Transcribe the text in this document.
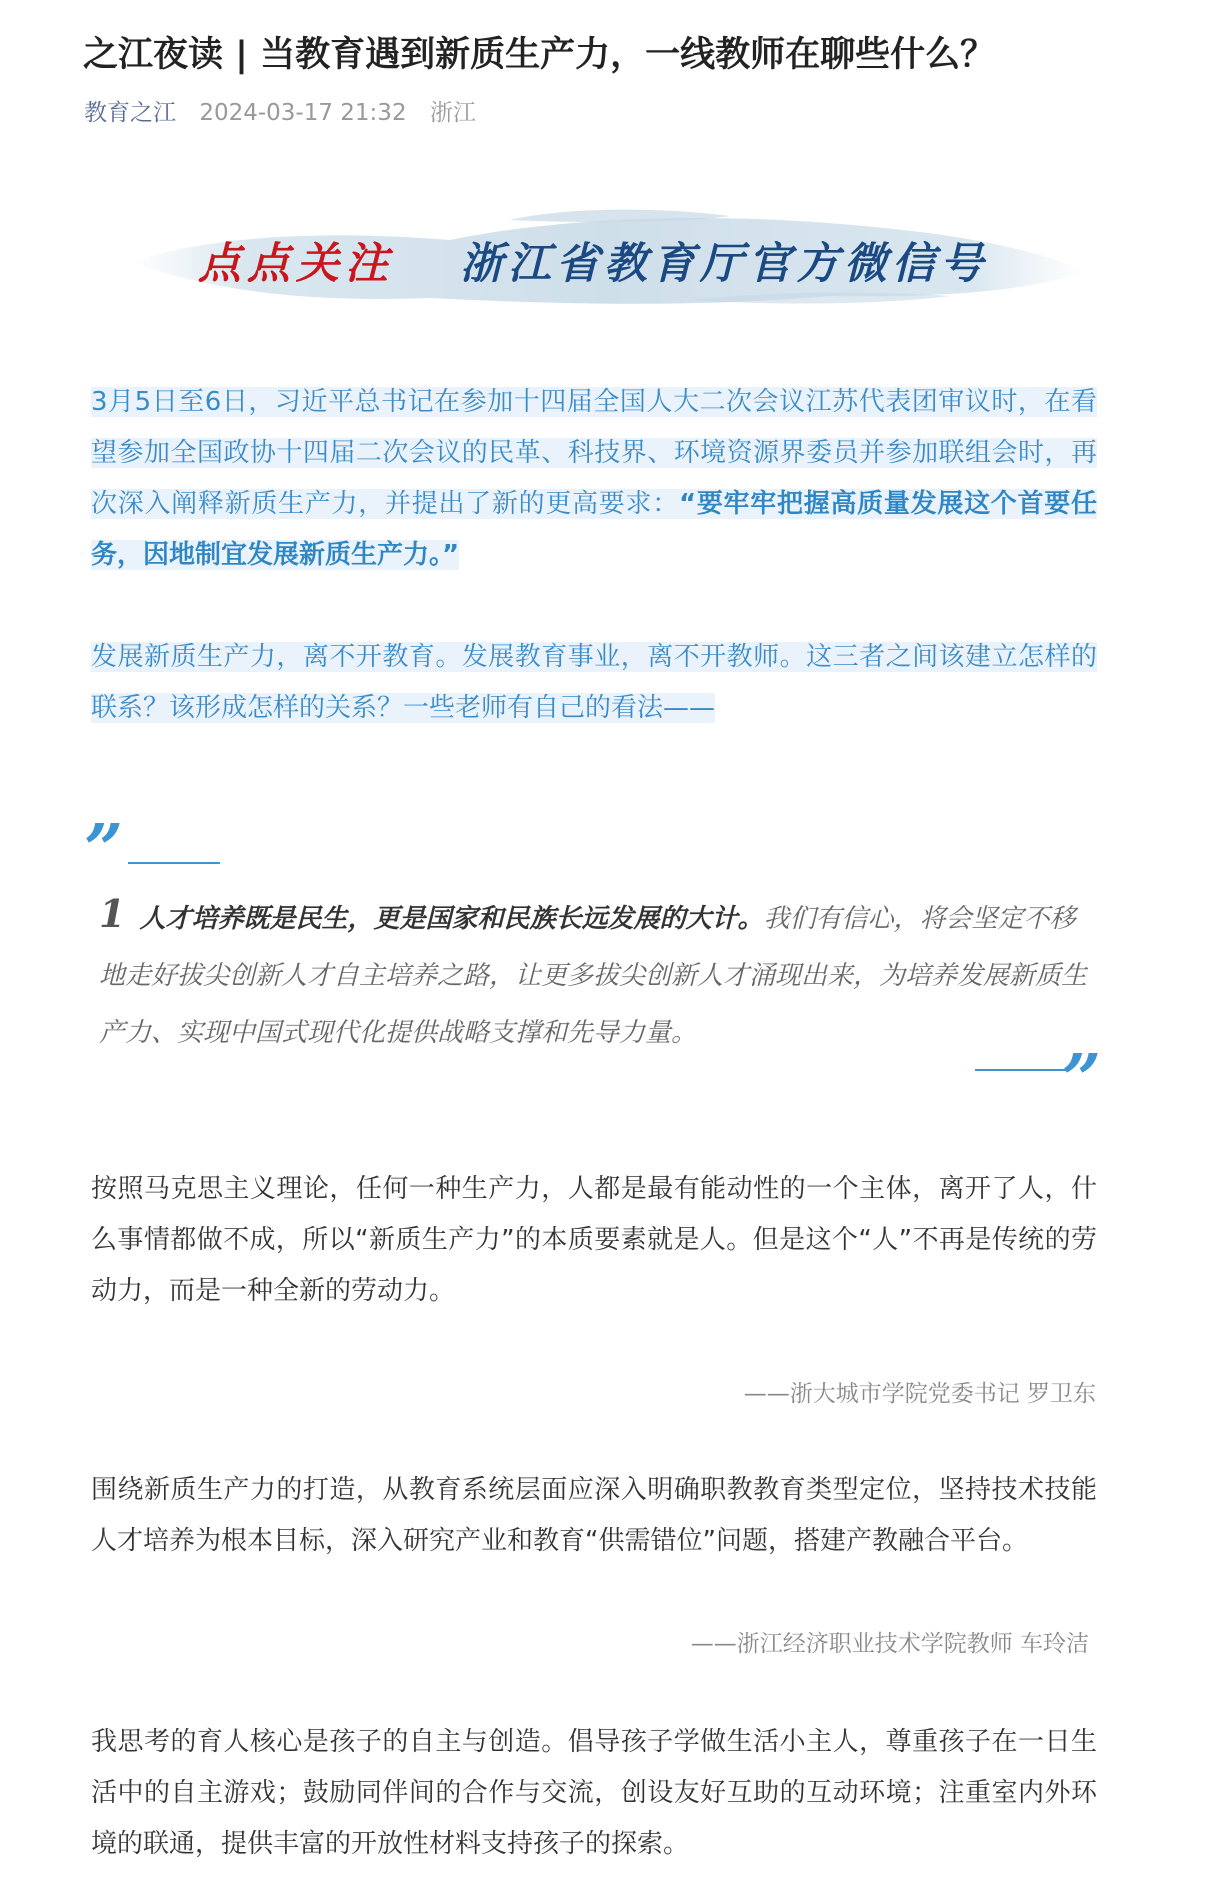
之江夜读 | 当教育遇到新质生产力，一线教师在聊些什么？
教育之江 2024-03-17 21:32 浙江
点点关注 浙江省教育厅官方微信号

3月5日至6日，习近平总书记在参加十四届全国人大二次会议江苏代表团审议时，在看望参加全国政协十四届二次会议的民革、科技界、环境资源界委员并参加联组会时，再次深入阐释新质生产力，并提出了新的更高要求：“要牢牢把握高质量发展这个首要任务，因地制宜发展新质生产力。”

发展新质生产力，离不开教育。发展教育事业，离不开教师。这三者之间该建立怎样的联系？该形成怎样的关系？一些老师有自己的看法——

”

1 人才培养既是民生，更是国家和民族长远发展的大计。我们有信心，将会坚定不移地走好拔尖创新人才自主培养之路，让更多拔尖创新人才涌现出来，为培养发展新质生产力、实现中国式现代化提供战略支撑和先导力量。

”

按照马克思主义理论，任何一种生产力，人都是最有能动性的一个主体，离开了人，什么事情都做不成，所以“新质生产力”的本质要素就是人。但是这个“人”不再是传统的劳动力，而是一种全新的劳动力。

——浙大城市学院党委书记 罗卫东

围绕新质生产力的打造，从教育系统层面应深入明确职教教育类型定位，坚持技术技能人才培养为根本目标，深入研究产业和教育“供需错位”问题，搭建产教融合平台。

——浙江经济职业技术学院教师 车玲洁

我思考的育人核心是孩子的自主与创造。倡导孩子学做生活小主人，尊重孩子在一日生活中的自主游戏；鼓励同伴间的合作与交流，创设友好互助的互动环境；注重室内外环境的联通，提供丰富的开放性材料支持孩子的探索。
